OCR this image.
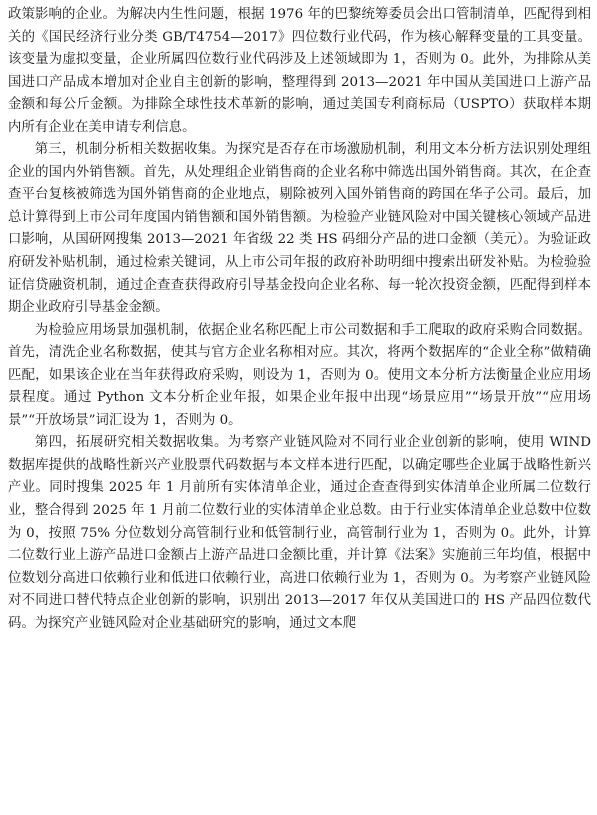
政策影响的企业。为解决内生性问题，根据 1976 年的巴黎统筹委员会出口管制清单，匹配得到相关的《国民经济行业分类 GB/T4754—2017》四位数行业代码，作为核心解释变量的工具变量。该变量为虚拟变量，企业所属四位数行业代码涉及上述领域即为 1，否则为 0。此外，为排除从美国进口产品成本增加对企业自主创新的影响，整理得到 2013—2021 年中国从美国进口上游产品金额和每公斤金额。为排除全球性技术革新的影响，通过美国专利商标局（USPTO）获取样本期内所有企业在美申请专利信息。

第三，机制分析相关数据收集。为探究是否存在市场激励机制，利用文本分析方法识别处理组企业的国内外销售额。首先，从处理组企业销售商的企业名称中筛选出国外销售商。其次，在企查查平台复核被筛选为国外销售商的企业地点，剔除被列入国外销售商的跨国在华子公司。最后，加总计算得到上市公司年度国内销售额和国外销售额。为检验产业链风险对中国关键核心领域产品进口影响，从国研网搜集 2013—2021 年省级 22 类 HS 码细分产品的进口金额（美元）。为验证政府研发补贴机制，通过检索关键词，从上市公司年报的政府补助明细中搜索出研发补贴。为检验验证信贷融资机制，通过企查查获得政府引导基金投向企业名称、每一轮次投资金额，匹配得到样本期企业政府引导基金金额。

为检验应用场景加强机制，依据企业名称匹配上市公司数据和手工爬取的政府采购合同数据。首先，清洗企业名称数据，使其与官方企业名称相对应。其次，将两个数据库的“企业全称”做精确匹配，如果该企业在当年获得政府采购，则设为 1，否则为 0。使用文本分析方法衡量企业应用场景程度。通过 Python 文本分析企业年报，如果企业年报中出现“场景应用”“场景开放”“应用场景”“开放场景”词汇设为 1，否则为 0。

第四，拓展研究相关数据收集。为考察产业链风险对不同行业企业创新的影响，使用 WIND 数据库提供的战略性新兴产业股票代码数据与本文样本进行匹配，以确定哪些企业属于战略性新兴产业。同时搜集 2025 年 1 月前所有实体清单企业，通过企查查得到实体清单企业所属二位数行业，整合得到 2025 年 1 月前二位数行业的实体清单企业总数。由于行业实体清单企业总数中位数为 0，按照 75% 分位数划分高管制行业和低管制行业，高管制行业为 1，否则为 0。此外，计算二位数行业上游产品进口金额占上游产品进口金额比重，并计算《法案》实施前三年均值，根据中位数划分高进口依赖行业和低进口依赖行业，高进口依赖行业为 1，否则为 0。为考察产业链风险对不同进口替代特点企业创新的影响，识别出 2013—2017 年仅从美国进口的 HS 产品四位数代码。为探究产业链风险对企业基础研究的影响，通过文本爬
